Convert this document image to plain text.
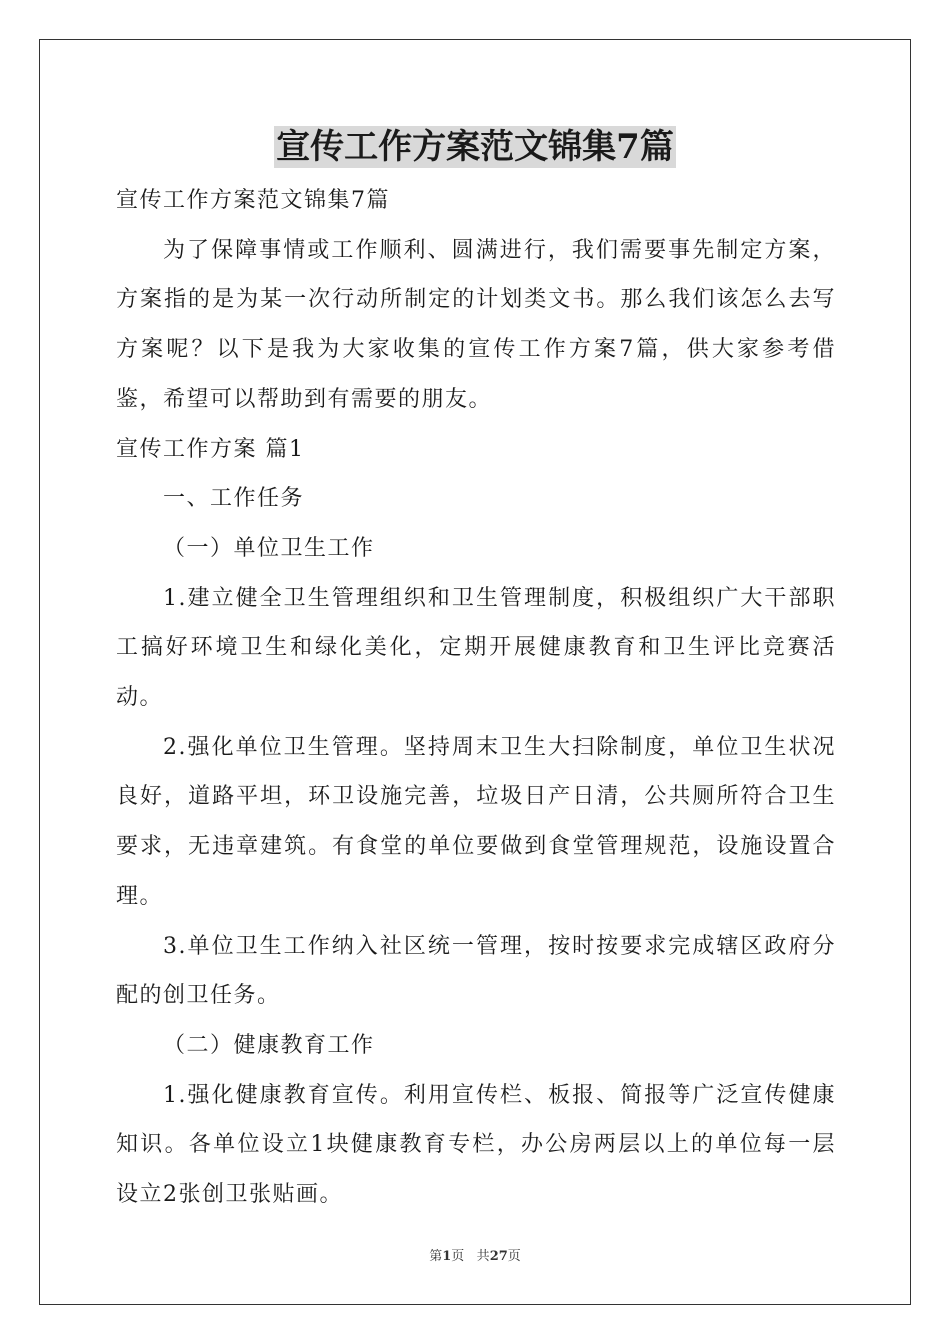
宣传工作方案范文锦集7篇

宣传工作方案范文锦集7篇

为了保障事情或工作顺利、圆满进行，我们需要事先制定方案，方案指的是为某一次行动所制定的计划类文书。那么我们该怎么去写方案呢？以下是我为大家收集的宣传工作方案7篇，供大家参考借鉴，希望可以帮助到有需要的朋友。

宣传工作方案 篇1

一、工作任务

（一）单位卫生工作

1.建立健全卫生管理组织和卫生管理制度，积极组织广大干部职工搞好环境卫生和绿化美化，定期开展健康教育和卫生评比竞赛活动。

2.强化单位卫生管理。坚持周末卫生大扫除制度，单位卫生状况良好，道路平坦，环卫设施完善，垃圾日产日清，公共厕所符合卫生要求，无违章建筑。有食堂的单位要做到食堂管理规范，设施设置合理。

3.单位卫生工作纳入社区统一管理，按时按要求完成辖区政府分配的创卫任务。

（二）健康教育工作

1.强化健康教育宣传。利用宣传栏、板报、简报等广泛宣传健康知识。各单位设立1块健康教育专栏，办公房两层以上的单位每一层设立2张创卫张贴画。

第1页 共27页
